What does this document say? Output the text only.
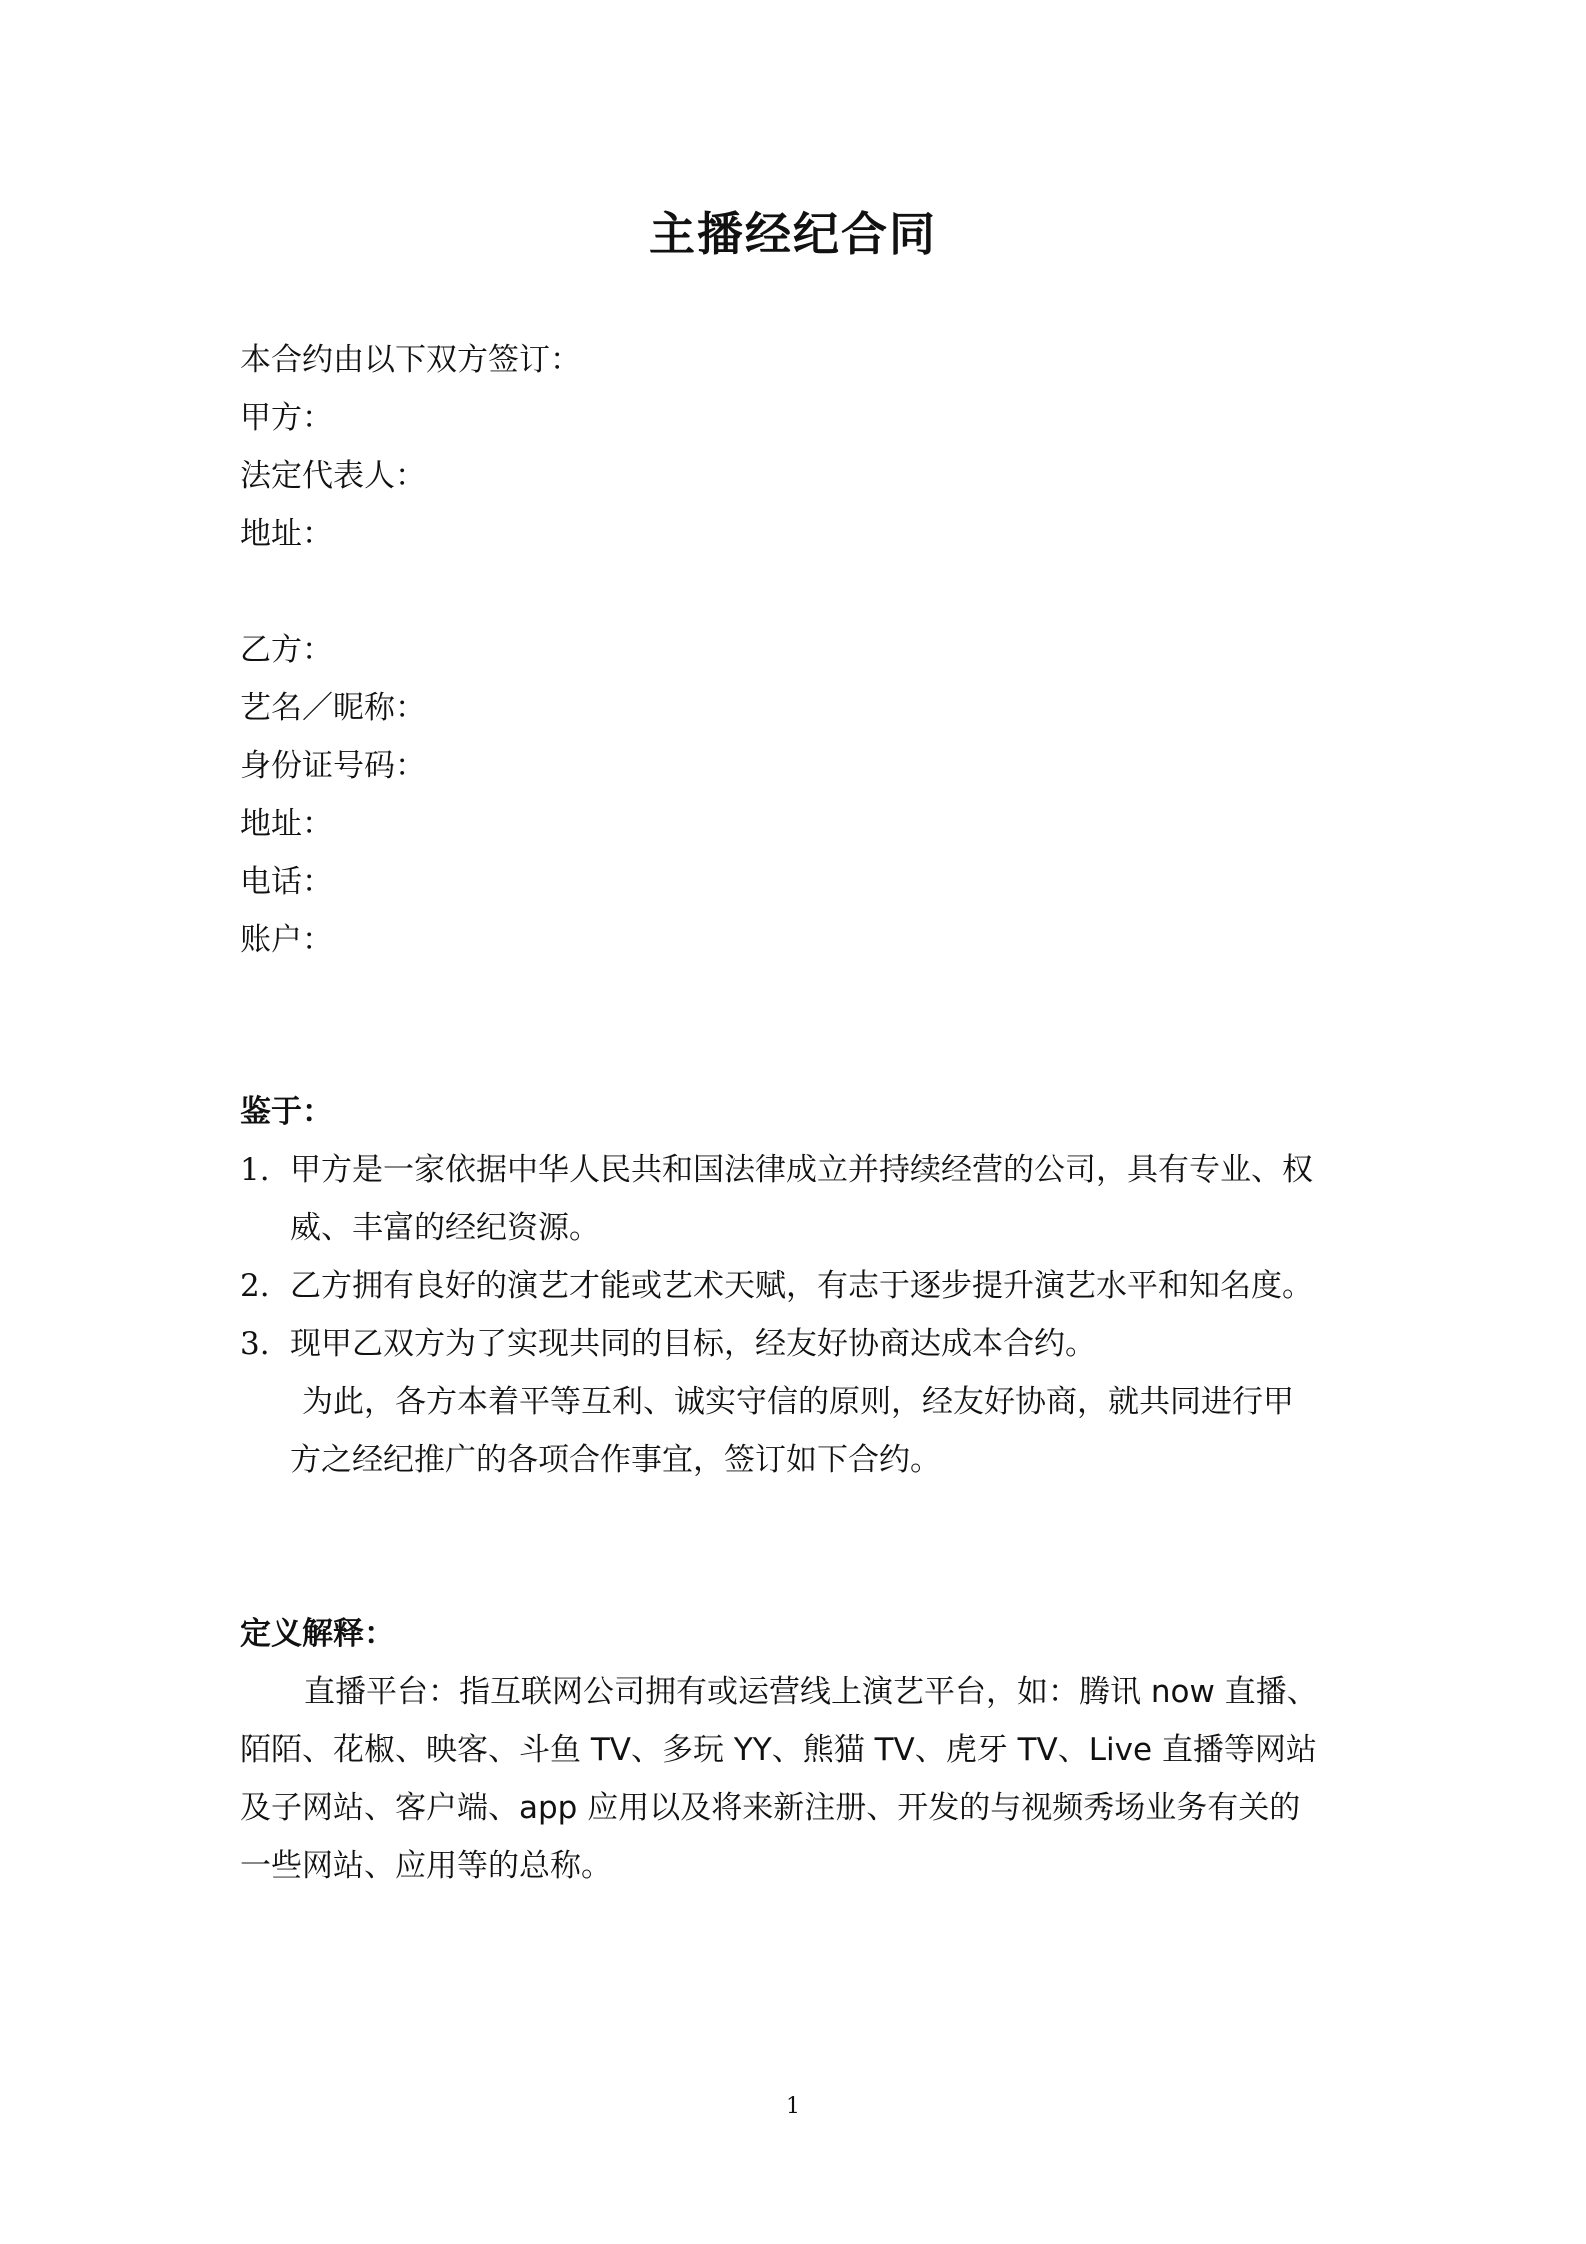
主播经纪合同
本合约由以下双方签订：
甲方：
法定代表人：
地址：
乙方：
艺名／昵称：
身份证号码：
地址：
电话：
账户：
鉴于：
1. 甲方是一家依据中华人民共和国法律成立并持续经营的公司，具有专业、权
威、丰富的经纪资源。
2. 乙方拥有良好的演艺才能或艺术天赋，有志于逐步提升演艺水平和知名度。
3. 现甲乙双方为了实现共同的目标，经友好协商达成本合约。
为此，各方本着平等互利、诚实守信的原则，经友好协商，就共同进行甲
方之经纪推广的各项合作事宜，签订如下合约。
定义解释：
直播平台：指互联网公司拥有或运营线上演艺平台，如：腾讯 now 直播、
陌陌、花椒、映客、斗鱼 TV、多玩 YY、熊猫 TV、虎牙 TV、Live 直播等网站
及子网站、客户端、app 应用以及将来新注册、开发的与视频秀场业务有关的
一些网站、应用等的总称。
1
